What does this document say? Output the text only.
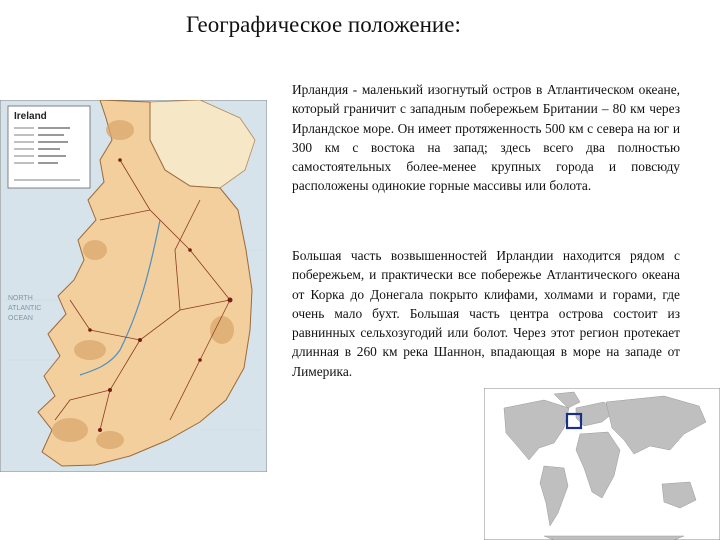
Географическое положение:
Ireland
NORTH
ATLANTIC
OCEAN

Ирландия - маленький изогнутый остров в Атлантическом океане, который граничит с западным побережьем Британии – 80 км через Ирландское море. Он имеет протяженность 500 км с севера на юг и 300 км с востока на запад; здесь всего два полностью самостоятельных более-менее крупных города и повсюду расположены одинокие горные массивы или болота.

Большая часть возвышенностей Ирландии находится рядом с побережьем, и практически все побережье Атлантического океана от Корка до Донегала покрыто клифами, холмами и горами, где очень мало бухт. Большая часть центра острова состоит из равнинных сельхозугодий или болот. Через этот регион протекает длинная в 260 км река Шаннон, впадающая в море на западе от Лимерика.
